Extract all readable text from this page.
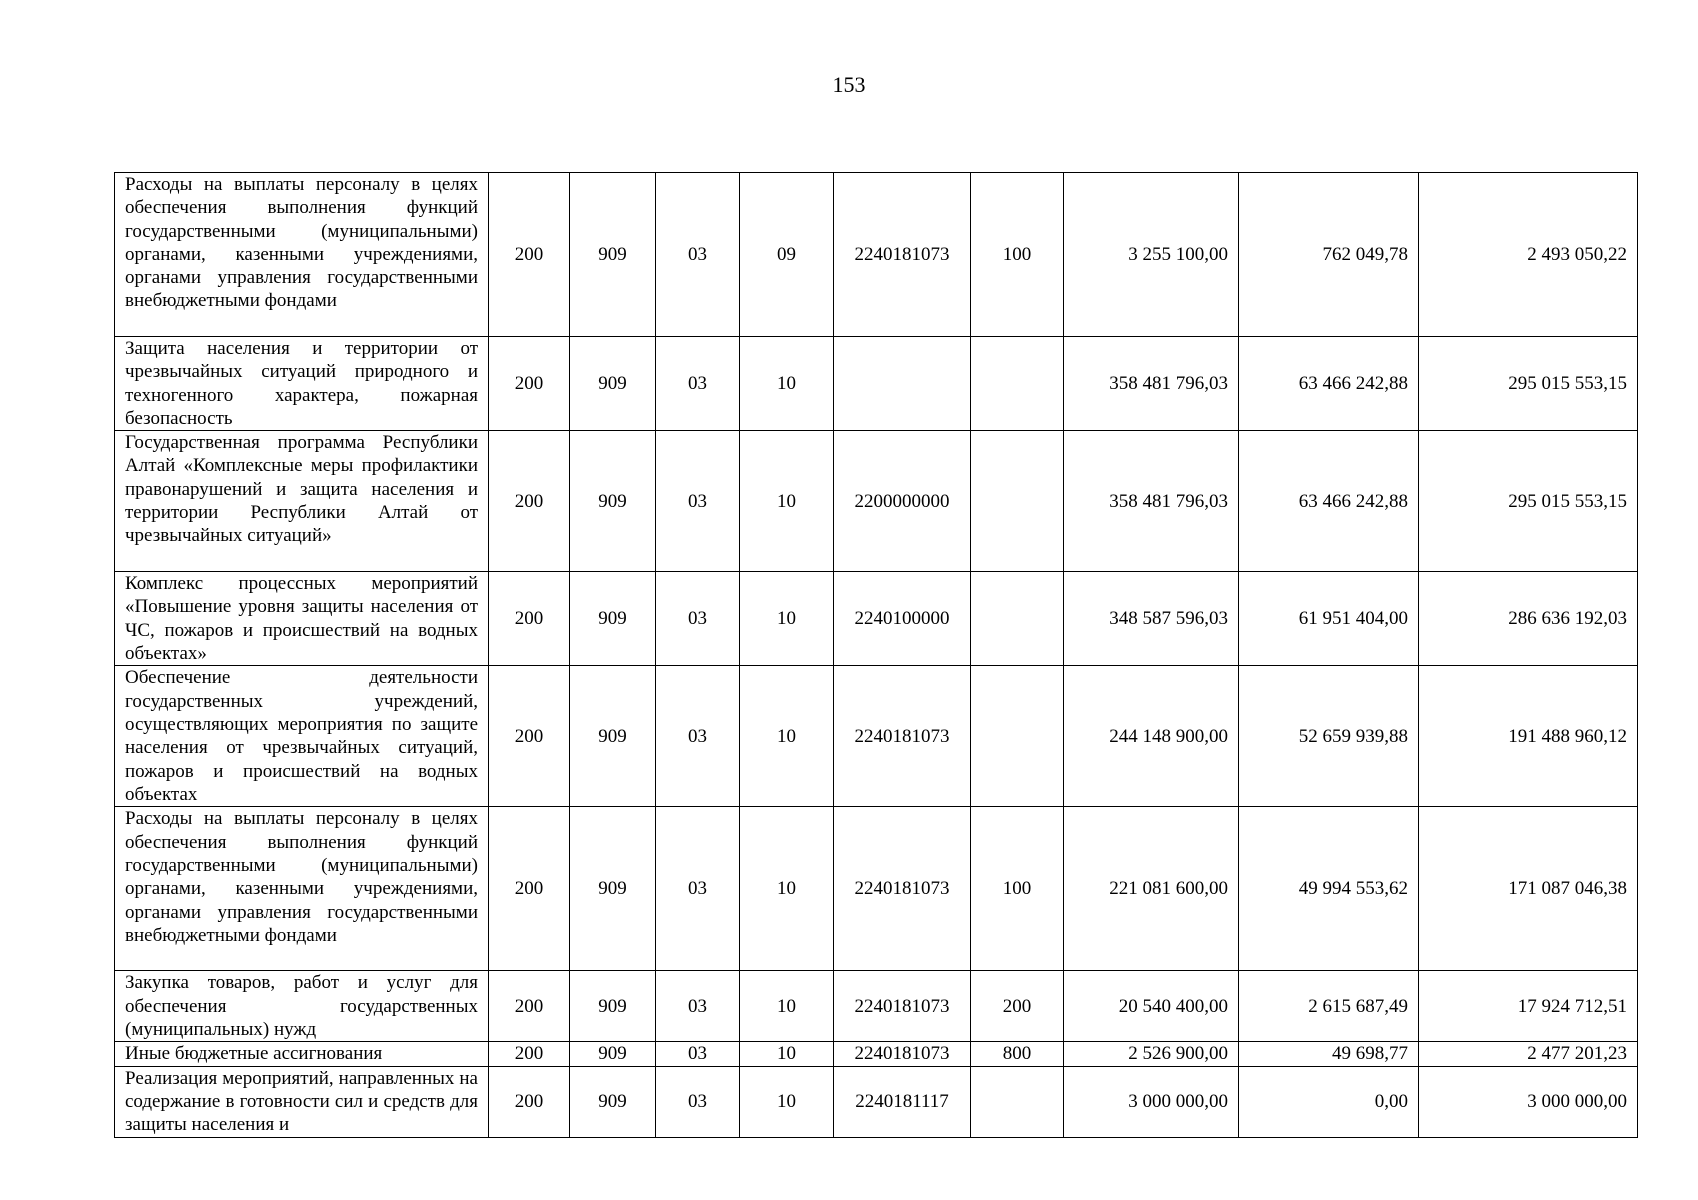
153
Расходы на выплаты персоналу в целях обеспечения выполнения функций государственными (муниципальными) органами, казенными учреждениями, органами управления государственными внебюджетными фондами	200	909	03	09	2240181073	100	3 255 100,00	762 049,78	2 493 050,22
Защита населения и территории от чрезвычайных ситуаций природного и техногенного характера, пожарная безопасность	200	909	03	10			358 481 796,03	63 466 242,88	295 015 553,15
Государственная программа Республики Алтай «Комплексные меры профилактики правонарушений и защита населения и территории Республики Алтай от чрезвычайных ситуаций»	200	909	03	10	2200000000		358 481 796,03	63 466 242,88	295 015 553,15
Комплекс процессных мероприятий «Повышение уровня защиты населения от ЧС, пожаров и происшествий на водных объектах»	200	909	03	10	2240100000		348 587 596,03	61 951 404,00	286 636 192,03
Обеспечение деятельности государственных учреждений, осуществляющих мероприятия по защите населения от чрезвычайных ситуаций, пожаров и происшествий на водных объектах	200	909	03	10	2240181073		244 148 900,00	52 659 939,88	191 488 960,12
Расходы на выплаты персоналу в целях обеспечения выполнения функций государственными (муниципальными) органами, казенными учреждениями, органами управления государственными внебюджетными фондами	200	909	03	10	2240181073	100	221 081 600,00	49 994 553,62	171 087 046,38
Закупка товаров, работ и услуг для обеспечения государственных (муниципальных) нужд	200	909	03	10	2240181073	200	20 540 400,00	2 615 687,49	17 924 712,51
Иные бюджетные ассигнования	200	909	03	10	2240181073	800	2 526 900,00	49 698,77	2 477 201,23
Реализация мероприятий, направленных на содержание в готовности сил и средств для защиты населения и	200	909	03	10	2240181117		3 000 000,00	0,00	3 000 000,00
